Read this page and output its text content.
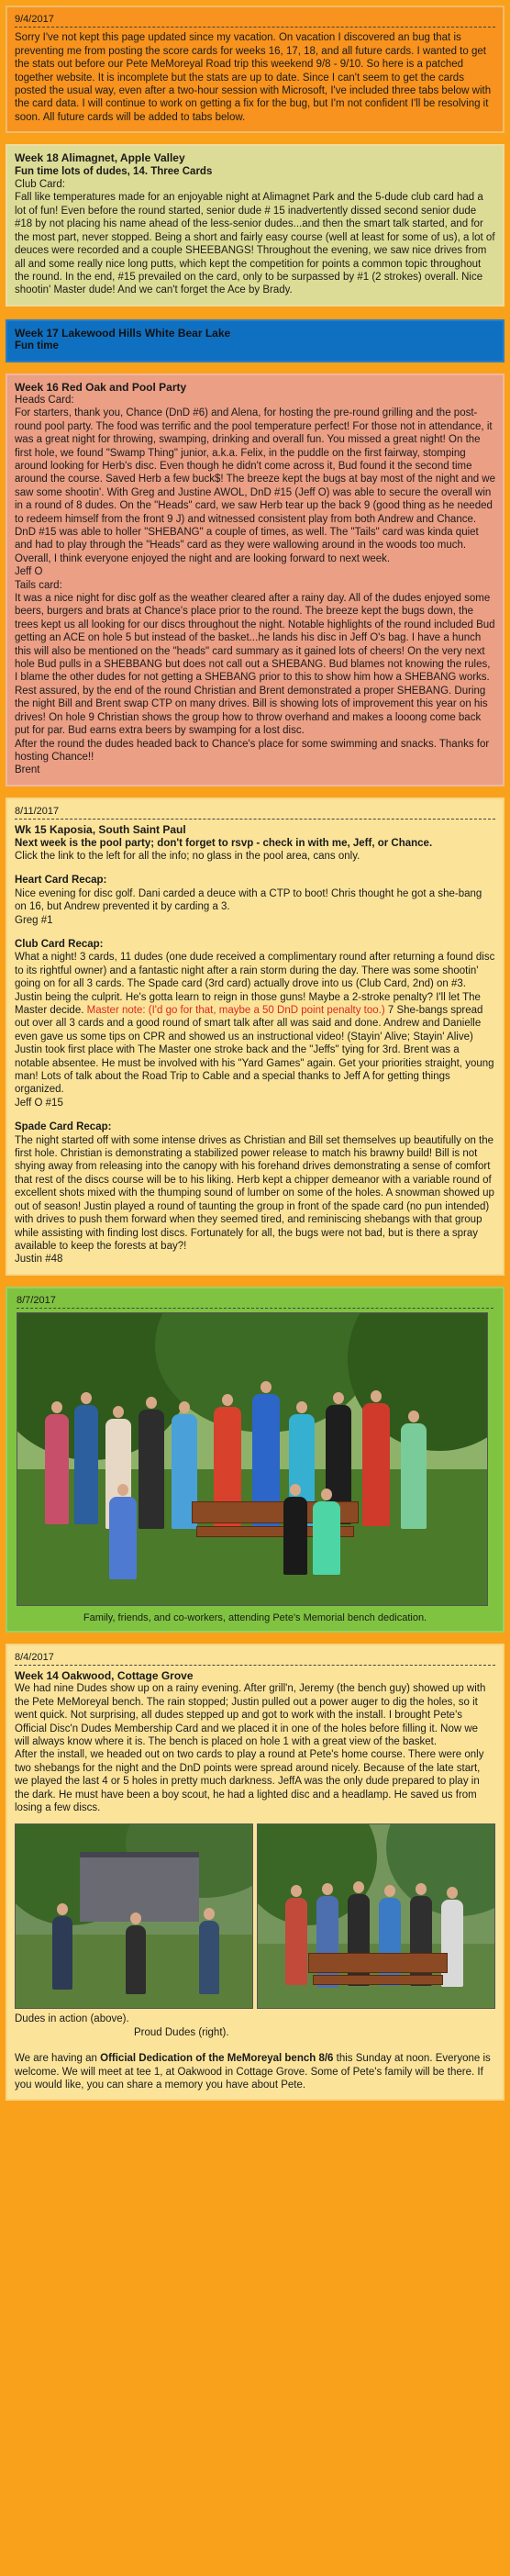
9/4/2017

Sorry I've not kept this page updated since my vacation. On vacation I discovered an bug that is preventing me from posting the score cards for weeks 16, 17, 18, and all future cards. I wanted to get the stats out before our Pete MeMoreyal Road trip this weekend 9/8 - 9/10. So here is a patched together website. It is incomplete but the stats are up to date. Since I can't seem to get the cards posted the usual way, even after a two-hour session with Microsoft, I've included three tabs below with the card data. I will continue to work on getting a fix for the bug, but I'm not confident I'll be resolving it soon. All future cards will be added to tabs below.

Week 18 Alimagnet, Apple Valley
Fun time lots of dudes, 14. Three Cards
Club Card:

Fall like temperatures made for an enjoyable night at Alimagnet Park and the 5-dude club card had a lot of fun! Even before the round started, senior dude # 15 inadvertently dissed second senior dude #18 by not placing his name ahead of the less-senior dudes...and then the smart talk started, and for the most part, never stopped. Being a short and fairly easy course (well at least for some of us), a lot of deuces were recorded and a couple SHEEBANGS! Throughout the evening, we saw nice drives from all and some really nice long putts, which kept the competition for points a common topic throughout the round. In the end, #15 prevailed on the card, only to be surpassed by #1 (2 strokes) overall. Nice shootin' Master dude! And we can't forget the Ace by Brady.

Week 17 Lakewood Hills White Bear Lake
Fun time
Week 16 Red Oak and Pool Party
Heads Card:

For starters, thank you, Chance (DnD #6) and Alena, for hosting the pre-round grilling and the post-round pool party. The food was terrific and the pool temperature perfect! For those not in attendance, it was a great night for throwing, swamping, drinking and overall fun. You missed a great night! On the first hole, we found "Swamp Thing" junior, a.k.a. Felix, in the puddle on the first fairway, stomping around looking for Herb's disc. Even though he didn't come across it, Bud found it the second time around the course. Saved Herb a few buck$! The breeze kept the bugs at bay most of the night and we saw some shootin'. With Greg and Justine AWOL, DnD #15 (Jeff O) was able to secure the overall win in a round of 8 dudes. On the "Heads" card, we saw Herb tear up the back 9 (good thing as he needed to redeem himself from the front 9 J) and witnessed consistent play from both Andrew and Chance. DnD #15 was able to holler "SHEBANG" a couple of times, as well. The "Tails" card was kinda quiet and had to play through the "Heads" card as they were wallowing around in the woods too much. Overall, I think everyone enjoyed the night and are looking forward to next week.

Jeff O
Tails card:

It was a nice night for disc golf as the weather cleared after a rainy day. All of the dudes enjoyed some beers, burgers and brats at Chance's place prior to the round. The breeze kept the bugs down, the trees kept us all looking for our discs throughout the night. Notable highlights of the round included Bud getting an ACE on hole 5 but instead of the basket...he lands his disc in Jeff O's bag. I have a hunch this will also be mentioned on the "heads" card summary as it gained lots of cheers! On the very next hole Bud pulls in a SHEBBANG but does not call out a SHEBANG. Bud blames not knowing the rules, I blame the other dudes for not getting a SHEBANG prior to this to show him how a SHEBANG works. Rest assured, by the end of the round Christian and Brent demonstrated a proper SHEBANG. During the night Bill and Brent swap CTP on many drives. Bill is showing lots of improvement this year on his drives! On hole 9 Christian shows the group how to throw overhand and makes a looong come back put for par. Bud earns extra beers by swamping for a lost disc.

After the round the dudes headed back to Chance's place for some swimming and snacks. Thanks for hosting Chance!!

Brent
8/11/2017
Wk 15 Kaposia, South Saint Paul
Next week is the pool party; don't forget to rsvp - check in with me, Jeff, or Chance.
Click the link to the left for all the info; no glass in the pool area, cans only.
Heart Card Recap:

Nice evening for disc golf. Dani carded a deuce with a CTP to boot! Chris thought he got a she-bang on 16, but Andrew prevented it by carding a 3.

Greg #1
Club Card Recap:

What a night! 3 cards, 11 dudes (one dude received a complimentary round after returning a found disc to its rightful owner) and a fantastic night after a rain storm during the day. There was some shootin' going on for all 3 cards. The Spade card (3rd card) actually drove into us (Club Card, 2nd) on #3. Justin being the culprit. He's gotta learn to reign in those guns! Maybe a 2-stroke penalty? I'll let The Master decide. Master note: (I'd go for that, maybe a 50 DnD point penalty too.) 7 She-bangs spread out over all 3 cards and a good round of smart talk after all was said and done. Andrew and Danielle even gave us some tips on CPR and showed us an instructional video! (Stayin' Alive; Stayin' Alive) Justin took first place with The Master one stroke back and the "Jeffs" tying for 3rd. Brent was a notable absentee. He must be involved with his "Yard Games" again. Get your priorities straight, young man! Lots of talk about the Road Trip to Cable and a special thanks to Jeff A for getting things organized.

Jeff O #15
Spade Card Recap:

The night started off with some intense drives as Christian and Bill set themselves up beautifully on the first hole. Christian is demonstrating a stabilized power release to match his brawny build! Bill is not shying away from releasing into the canopy with his forehand drives demonstrating a sense of comfort that rest of the discs course will be to his liking. Herb kept a chipper demeanor with a variable round of excellent shots mixed with the thumping sound of lumber on some of the holes. A snowman showed up out of season! Justin played a round of taunting the group in front of the spade card (no pun intended) with drives to push them forward when they seemed tired, and reminiscing shebangs with that group while assisting with finding lost discs. Fortunately for all, the bugs were not bad, but is there a spray available to keep the forests at bay?!

Justin #48
8/7/2017
Family, friends, and co-workers, attending Pete's Memorial bench dedication.
8/4/2017
Week 14 Oakwood, Cottage Grove

We had nine Dudes show up on a rainy evening. After grill'n, Jeremy (the bench guy) showed up with the Pete MeMoreyal bench. The rain stopped; Justin pulled out a power auger to dig the holes, so it went quick. Not surprising, all dudes stepped up and got to work with the install. I brought Pete's Official Disc'n Dudes Membership Card and we placed it in one of the holes before filling it. Now we will always know where it is. The bench is placed on hole 1 with a great view of the basket.

After the install, we headed out on two cards to play a round at Pete's home course. There were only two shebangs for the night and the DnD points were spread around nicely. Because of the late start, we played the last 4 or 5 holes in pretty much darkness. JeffA was the only dude prepared to play in the dark. He must have been a boy scout, he had a lighted disc and a headlamp. He saved us from losing a few discs.

Dudes in action (above).
Proud Dudes (right).

We are having an Official Dedication of the MeMoreyal bench 8/6 this Sunday at noon. Everyone is welcome. We will meet at tee 1, at Oakwood in Cottage Grove. Some of Pete's family will be there. If you would like, you can share a memory you have about Pete.
